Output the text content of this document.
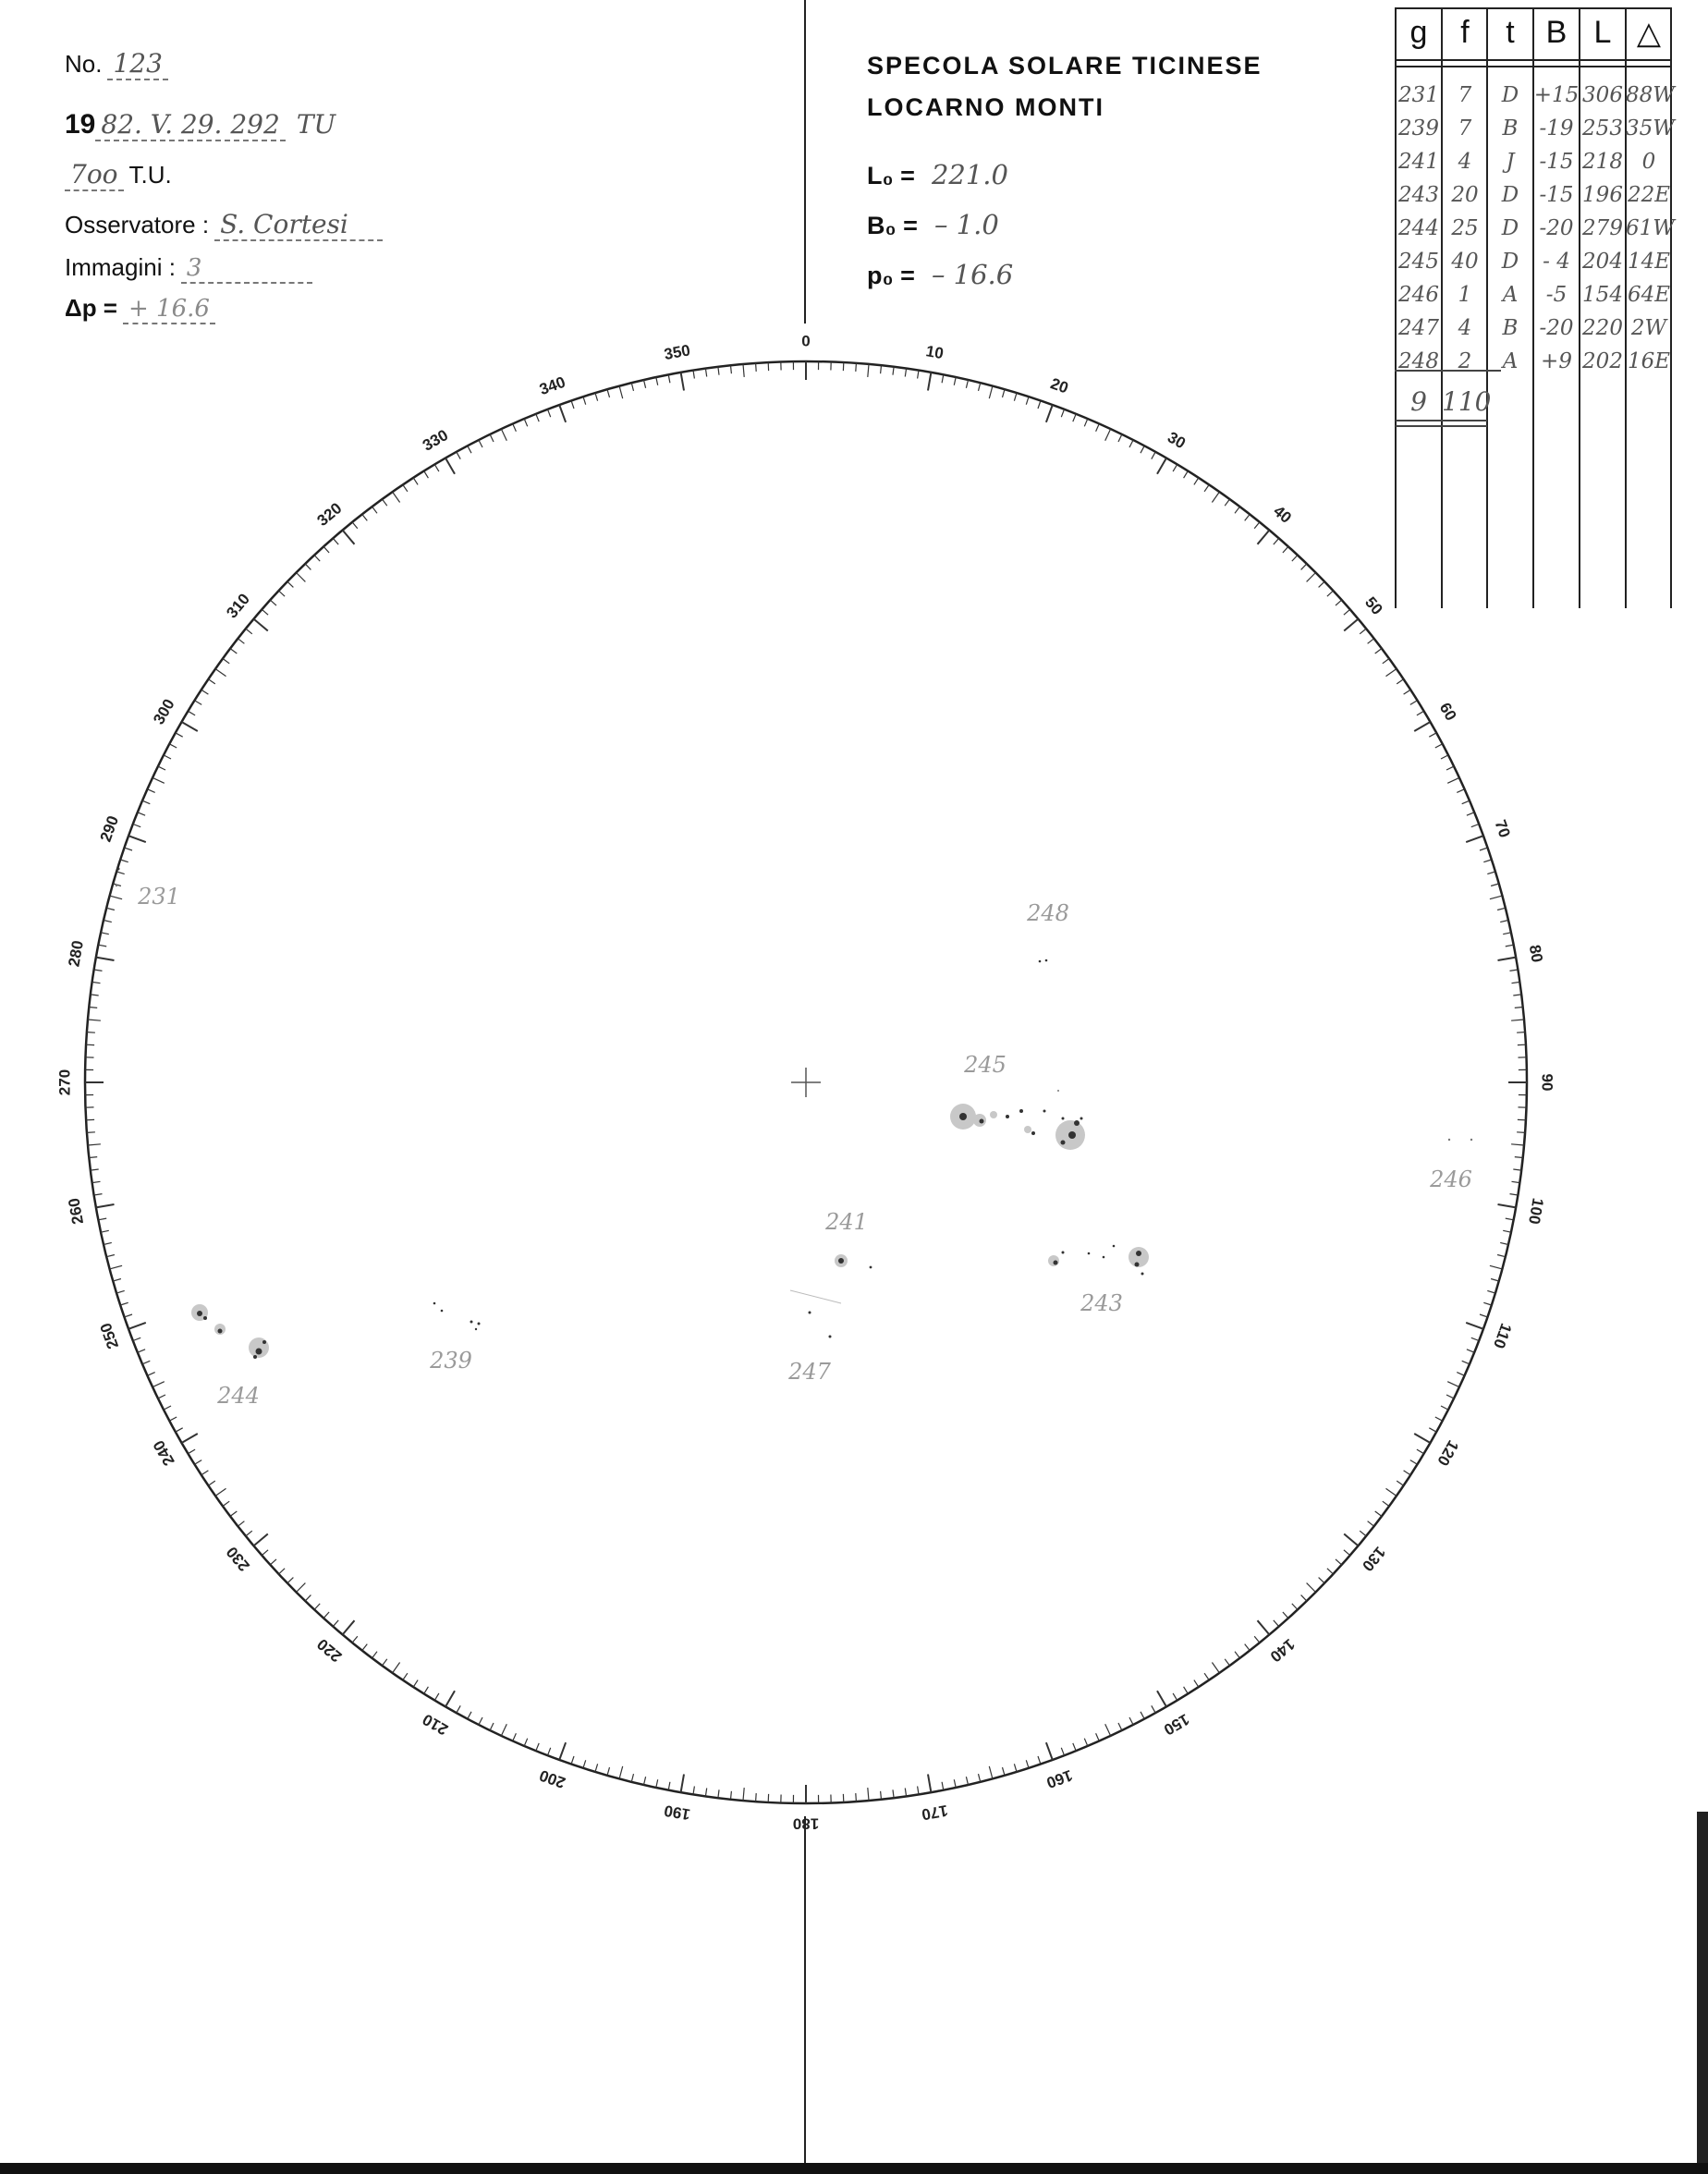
No. 123
19 82. V. 29. 292 TU
7oo T.U.
Osservatore : S. Cortesi
Immagini : 3
Δp = + 16.6
SPECOLA SOLARE TICINESE
LOCARNO MONTI
L₀ = 221.0
B₀ = – 1.0
p₀ = – 16.6
0
10
20
30
40
50
60
70
80
90
100
110
120
130
140
150
160
170
180
190
200
210
220
230
240
250
260
270
280
290
300
310
320
330
340
350
231
239
241
243
244
245
246
247
248
g	f	t B L △
231 7	D +15 306 88W
239 7	B	-19 253 35W
241 4	J	-15 218 0
243 20	D -15 196 22E
244 25	D -20 279 61W
245 40	D	- 4 204 14E
246 1	A	-5 154 64E
247 4	B	-20 220 2W
248 2	A	+9 202 16E
9 110
